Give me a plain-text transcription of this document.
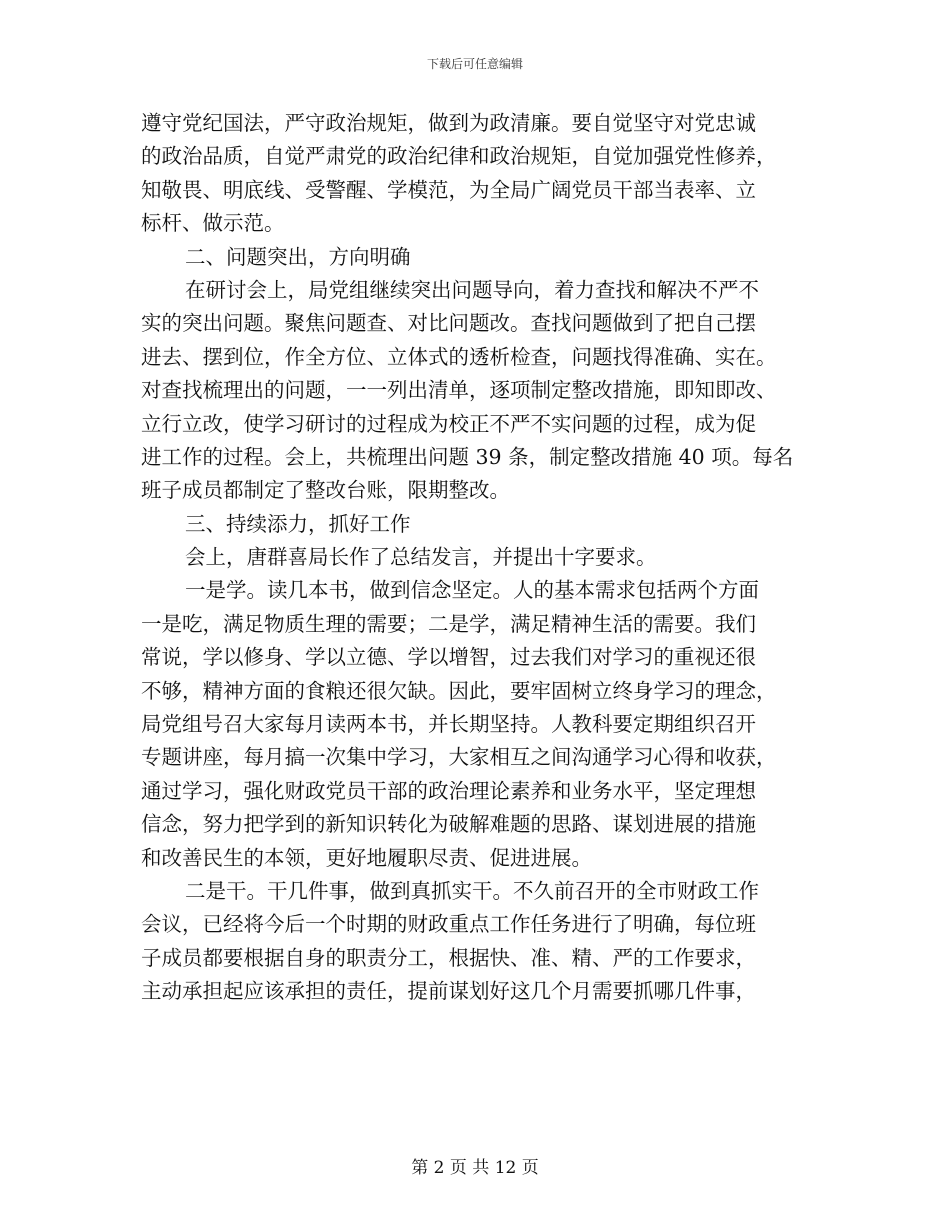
下载后可任意编辑
遵守党纪国法，严守政治规矩，做到为政清廉。要自觉坚守对党忠诚
的政治品质，自觉严肃党的政治纪律和政治规矩，自觉加强党性修养，
知敬畏、明底线、受警醒、学模范，为全局广阔党员干部当表率、立
标杆、做示范。
二、问题突出，方向明确
在研讨会上，局党组继续突出问题导向，着力查找和解决不严不
实的突出问题。聚焦问题查、对比问题改。查找问题做到了把自己摆
进去、摆到位，作全方位、立体式的透析检查，问题找得准确、实在。
对查找梳理出的问题，一一列出清单，逐项制定整改措施，即知即改、
立行立改，使学习研讨的过程成为校正不严不实问题的过程，成为促
进工作的过程。会上，共梳理出问题 39 条，制定整改措施 40 项。每名
班子成员都制定了整改台账，限期整改。
三、持续添力，抓好工作
会上，唐群喜局长作了总结发言，并提出十字要求。
一是学。读几本书，做到信念坚定。人的基本需求包括两个方面
一是吃，满足物质生理的需要；二是学，满足精神生活的需要。我们
常说，学以修身、学以立德、学以增智，过去我们对学习的重视还很
不够，精神方面的食粮还很欠缺。因此，要牢固树立终身学习的理念，
局党组号召大家每月读两本书，并长期坚持。人教科要定期组织召开
专题讲座，每月搞一次集中学习，大家相互之间沟通学习心得和收获，
通过学习，强化财政党员干部的政治理论素养和业务水平，坚定理想
信念，努力把学到的新知识转化为破解难题的思路、谋划进展的措施
和改善民生的本领，更好地履职尽责、促进进展。
二是干。干几件事，做到真抓实干。不久前召开的全市财政工作
会议，已经将今后一个时期的财政重点工作任务进行了明确，每位班
子成员都要根据自身的职责分工，根据快、准、精、严的工作要求，
主动承担起应该承担的责任，提前谋划好这几个月需要抓哪几件事，
第 2 页 共 12 页
